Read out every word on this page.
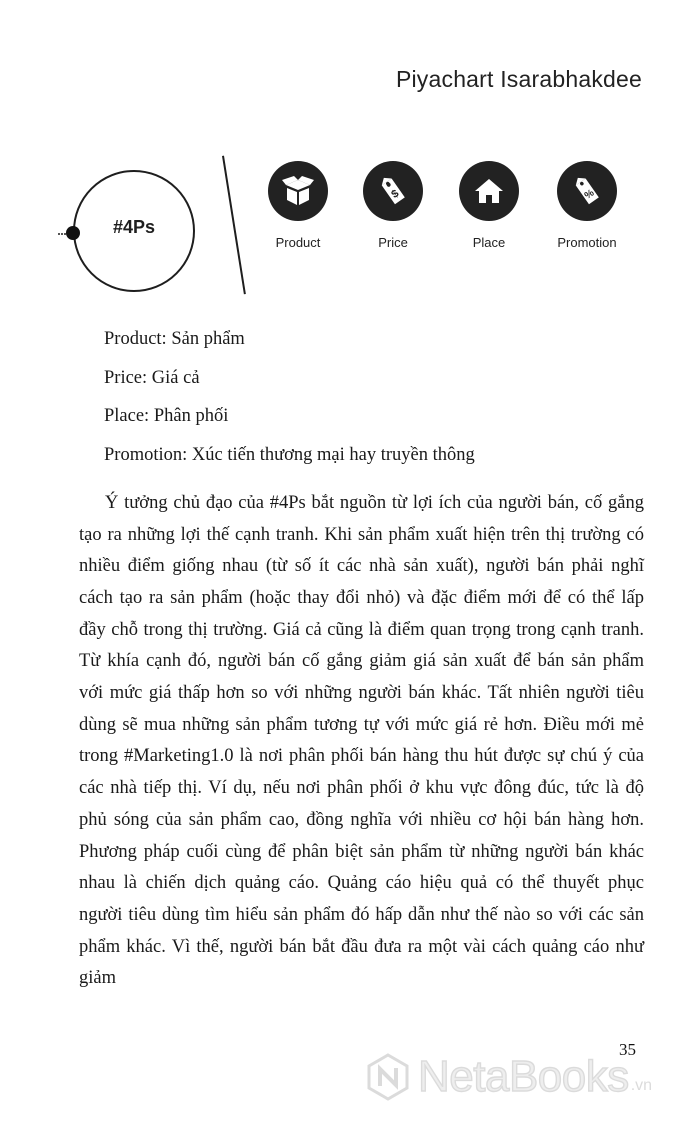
Piyachart Isarabhakdee
#4Ps
Product
$
Price	Place
%
Promotion

Product: Sản phẩm

Price: Giá cả

Place: Phân phối

Promotion: Xúc tiến thương mại hay truyền thông

Ý tưởng chủ đạo của #4Ps bắt nguồn từ lợi ích của người bán, cố gắng tạo ra những lợi thế cạnh tranh. Khi sản phẩm xuất hiện trên thị trường có nhiều điểm giống nhau (từ số ít các nhà sản xuất), người bán phải nghĩ cách tạo ra sản phẩm (hoặc thay đổi nhỏ) và đặc điểm mới để có thể lấp đầy chỗ trong thị trường. Giá cả cũng là điểm quan trọng trong cạnh tranh. Từ khía cạnh đó, người bán cố gắng giảm giá sản xuất để bán sản phẩm với mức giá thấp hơn so với những người bán khác. Tất nhiên người tiêu dùng sẽ mua những sản phẩm tương tự với mức giá rẻ hơn. Điều mới mẻ trong #Marketing1.0 là nơi phân phối bán hàng thu hút được sự chú ý của các nhà tiếp thị. Ví dụ, nếu nơi phân phối ở khu vực đông đúc, tức là độ phủ sóng của sản phẩm cao, đồng nghĩa với nhiều cơ hội bán hàng hơn. Phương pháp cuối cùng để phân biệt sản phẩm từ những người bán khác nhau là chiến dịch quảng cáo. Quảng cáo hiệu quả có thể thuyết phục người tiêu dùng tìm hiểu sản phẩm đó hấp dẫn như thế nào so với các sản phẩm khác. Vì thế, người bán bắt đầu đưa ra một vài cách quảng cáo như giảm

35
NetaBooks .vn
